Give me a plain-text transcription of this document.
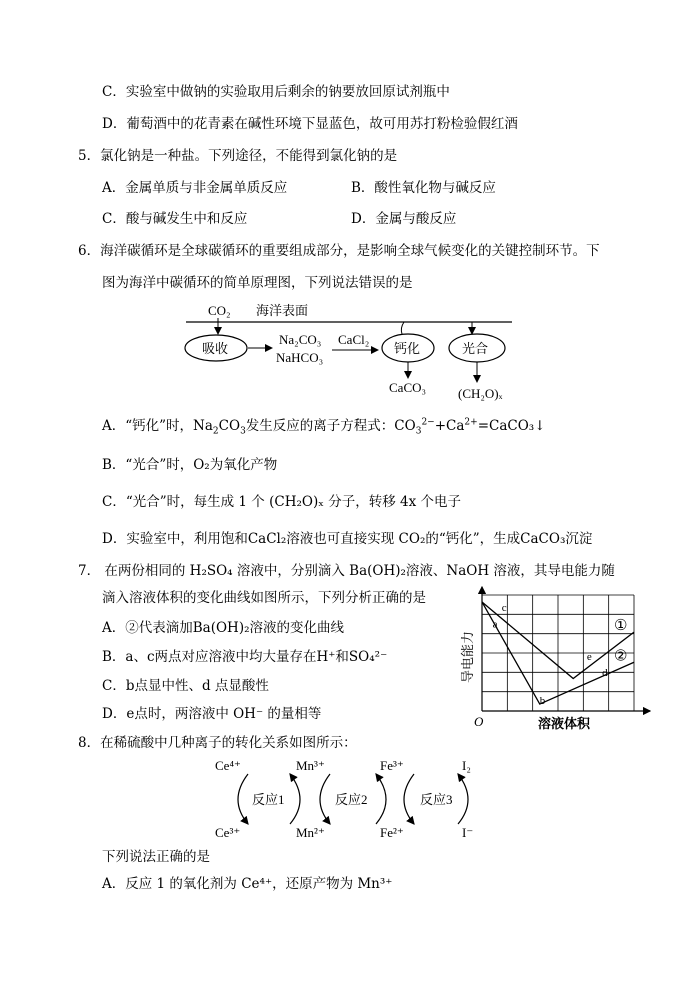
C．实验室中做钠的实验取用后剩余的钠要放回原试剂瓶中
D．葡萄酒中的花青素在碱性环境下显蓝色，故可用苏打粉检验假红酒
5．氯化钠是一种盐。下列途径，不能得到氯化钠的是
A．金属单质与非金属单质反应	B．酸性氧化物与碱反应
C．酸与碱发生中和反应	D．金属与酸反应
6．海洋碳循环是全球碳循环的重要组成部分，是影响全球气候变化的关键控制环节。下
图为海洋中碳循环的简单原理图，下列说法错误的是
CO₂ 海洋表面
吸收
Na₂CO₃
NaHCO₃
CaCl₂
钙化
CaCO₃
光合
(CH₂O)ₓ
A．“钙化”时，$Na_2CO_3$发生反应的离子方程式：$CO_3^{2-}+Ca^{2+}=CaCO_3↓$
B．“光合”时，O₂为氧化产物
C．“光合”时，每生成 1 个 (CH₂O)ₓ 分子，转移 4x 个电子
D．实验室中，利用饱和CaCl₂溶液也可直接实现 CO₂的“钙化”，生成CaCO₃沉淀
7． 在两份相同的 H₂SO₄ 溶液中，分别滴入 Ba(OH)₂溶液、NaOH 溶液，其导电能力随
滴入溶液体积的变化曲线如图所示，下列分析正确的是
A．②代表滴加Ba(OH)₂溶液的变化曲线
B．a、c两点对应溶液中均大量存在H⁺和SO₄²⁻
C．b点显中性、d 点显酸性
D．e点时，两溶液中 OH⁻ 的量相等	O	溶液体积
导电能力
①
②
a
b
c
d
e
8．在稀硫酸中几种离子的转化关系如图所示：
Ce⁴⁺
Ce³⁺
Mn³⁺
Mn²⁺
Fe³⁺
Fe²⁺
I₂
I⁻
反应1	反应2	反应3
下列说法正确的是
A．反应 1 的氧化剂为 Ce⁴⁺，还原产物为 Mn³⁺
